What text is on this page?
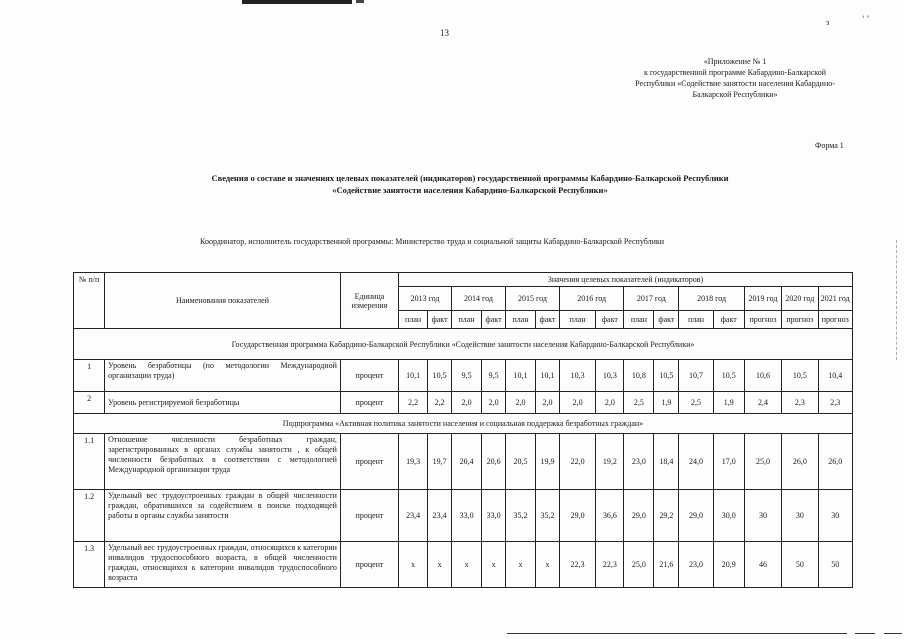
13
з	‘ ’
«Приложение № 1
к государственной программе Кабардино-Балкарской
Республики «Содействие занятости населения Кабардино-
Балкарской Республики»
Форма 1
Сведения о составе и значениях целевых показателей (индикаторов) государственной программы Кабардино-Балкарской Республики
«Содействие занятости населения Кабардино-Балкарской Республики»
Координатор, исполнитель государственной программы: Министерство труда и социальной защиты Кабардино-Балкарской Республики
№ п/п	Наименования показателей	Единица измерения	Значения целевых показателей (индикаторов)														
			2013 год		2014 год		2015 год		2016 год		2017 год		2018 год		2019 год	2020 год	2021 год
			план	факт	план	факт	план	факт	план	факт	план	факт	план	факт	прогноз	прогноз	прогноз
Государственная программа Кабардино-Балкарской Республики «Содействие занятости населения Кабардино-Балкарской Республики»																	
1	Уровень безработицы (по методологии Международной организации труда)	процент	10,1	10,5	9,5	9,5	10,1	10,1	10,3	10,3	10,8	10,5	10,7	10,5	10,6	10,5	10,4
2	Уровень регистрируемой безработицы	процент	2,2	2,2	2,0	2,0	2,0	2,0	2,0	2,0	2,5	1,9	2,5	1,9	2,4	2,3	2,3
Подпрограмма «Активная политика занятости населения и социальная поддержка безработных граждан»																	
1.1	Отношение численности безработных граждан, зарегистрированных в органах службы занятости , к общей численности безработных в соответствии с методологией Международной организации труда	процент	19,3	19,7	20,4	20,6	20,5	19,9	22,0	19,2	23,0	18,4	24,0	17,0	25,0	26,0	26,0
1.2	Удельный вес трудоустроенных граждан в общей численности граждан, обратившихся за содействием в поиске подходящей работы в органы службы занятости	процент	23,4	23,4	33,0	33,0	35,2	35,2	29,0	36,6	29,0	29,2	29,0	30,0	30	30	30
1.3	Удельный вес трудоустроенных граждан, относящихся к категории инвалидов трудоспособного возраста, в общей численности граждан, относящихся к категории инвалидов трудоспособного возраста	процент	x	x	x	x	x	x	22,3	22,3	25,0	21,6	23,0	20,9	46	50	50
